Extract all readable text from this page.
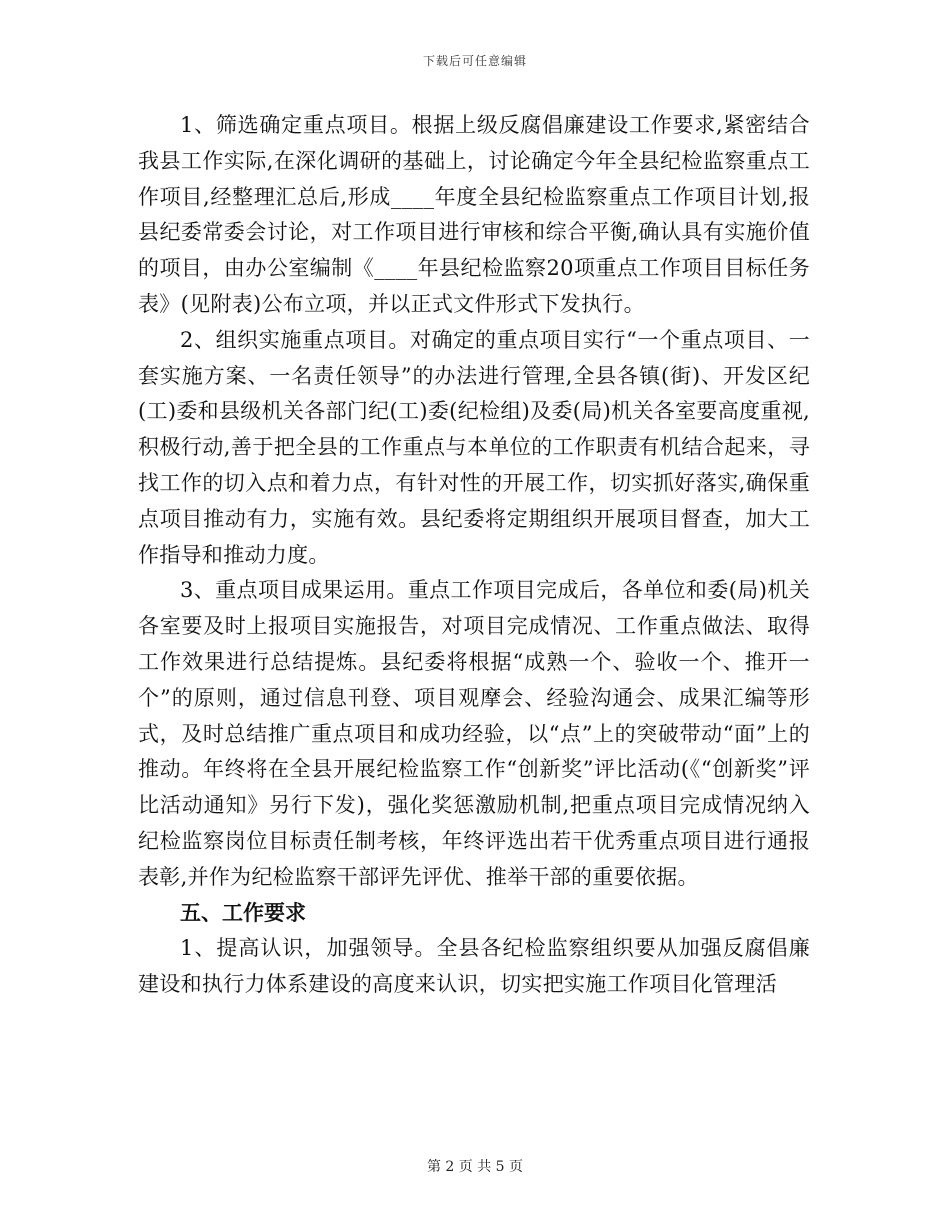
下载后可任意编辑

1、筛选确定重点项目。根据上级反腐倡廉建设工作要求,紧密结合我县工作实际,在深化调研的基础上，讨论确定今年全县纪检监察重点工作项目,经整理汇总后,形成____年度全县纪检监察重点工作项目计划,报县纪委常委会讨论，对工作项目进行审核和综合平衡,确认具有实施价值的项目，由办公室编制《____年县纪检监察20项重点工作项目目标任务表》(见附表)公布立项，并以正式文件形式下发执行。

2、组织实施重点项目。对确定的重点项目实行“一个重点项目、一套实施方案、一名责任领导”的办法进行管理,全县各镇(街)、开发区纪(工)委和县级机关各部门纪(工)委(纪检组)及委(局)机关各室要高度重视,积极行动,善于把全县的工作重点与本单位的工作职责有机结合起来，寻找工作的切入点和着力点，有针对性的开展工作，切实抓好落实,确保重点项目推动有力，实施有效。县纪委将定期组织开展项目督查，加大工作指导和推动力度。

3、重点项目成果运用。重点工作项目完成后，各单位和委(局)机关各室要及时上报项目实施报告，对项目完成情况、工作重点做法、取得工作效果进行总结提炼。县纪委将根据“成熟一个、验收一个、推开一个”的原则，通过信息刊登、项目观摩会、经验沟通会、成果汇编等形式，及时总结推广重点项目和成功经验，以“点”上的突破带动“面”上的推动。年终将在全县开展纪检监察工作“创新奖”评比活动(《“创新奖”评比活动通知》另行下发)，强化奖惩激励机制,把重点项目完成情况纳入纪检监察岗位目标责任制考核，年终评选出若干优秀重点项目进行通报表彰,并作为纪检监察干部评先评优、推举干部的重要依据。

五、工作要求

1、提高认识，加强领导。全县各纪检监察组织要从加强反腐倡廉建设和执行力体系建设的高度来认识，切实把实施工作项目化管理活

第 2 页 共 5 页
